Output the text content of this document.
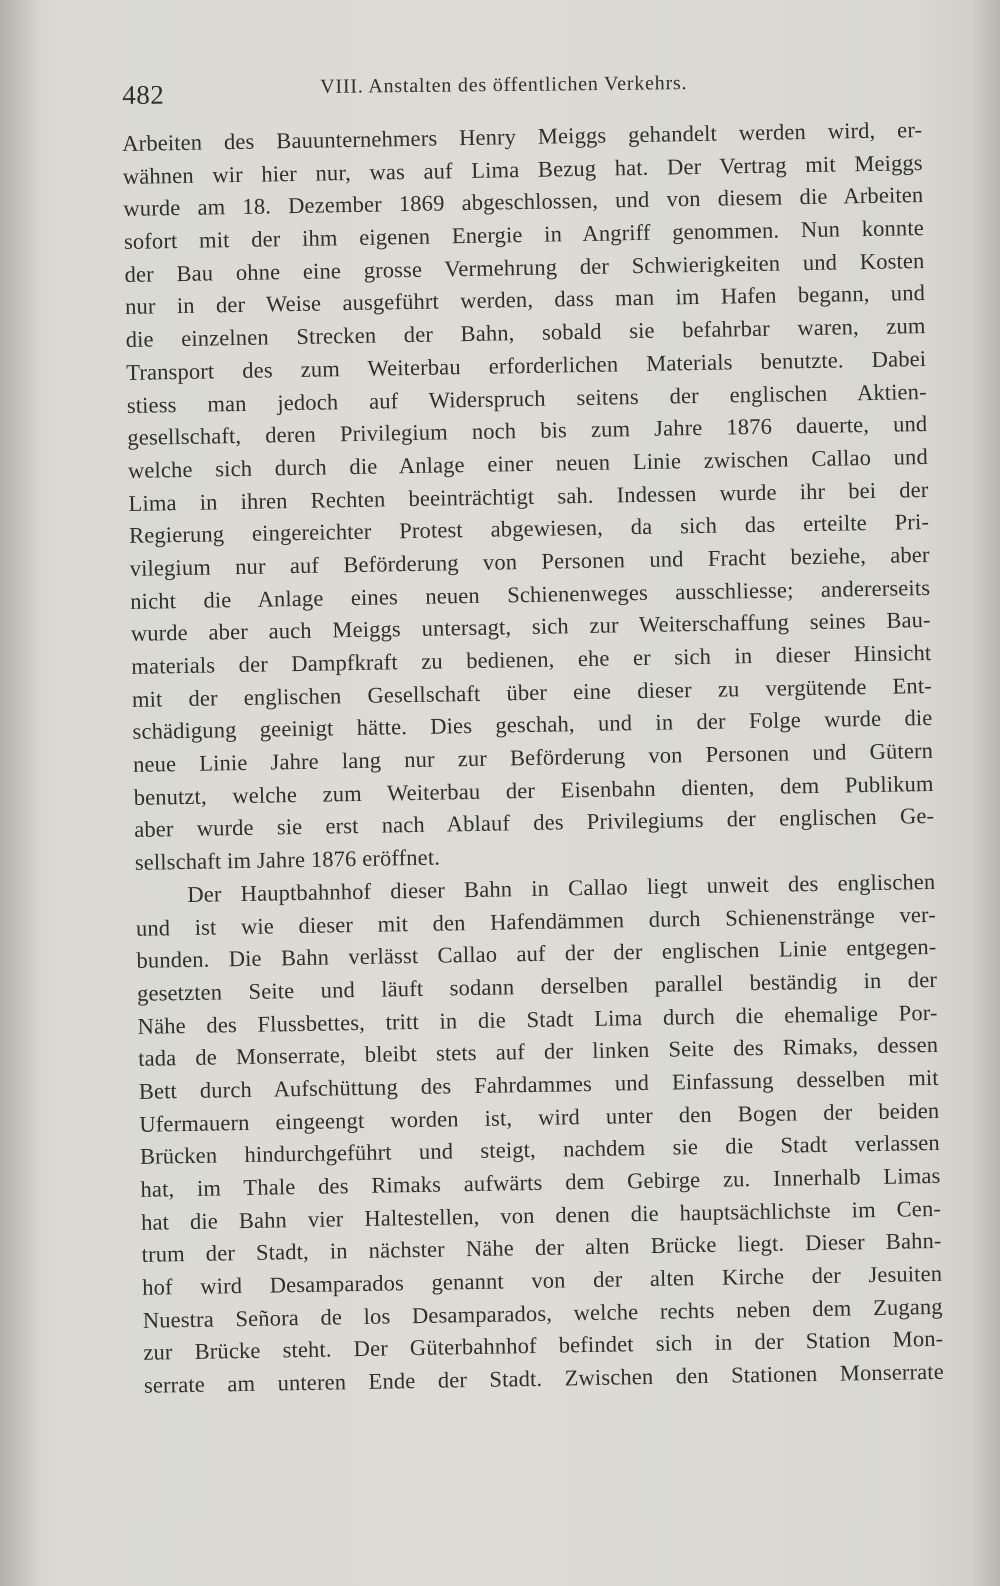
482	VIII. Anstalten des öffentlichen Verkehrs.

Arbeiten des Bauunternehmers Henry Meiggs gehandelt werden wird, er-
wähnen wir hier nur, was auf Lima Bezug hat. Der Vertrag mit Meiggs
wurde am 18. Dezember 1869 abgeschlossen, und von diesem die Arbeiten
sofort mit der ihm eigenen Energie in Angriff genommen. Nun konnte
der Bau ohne eine grosse Vermehrung der Schwierigkeiten und Kosten
nur in der Weise ausgeführt werden, dass man im Hafen begann, und
die einzelnen Strecken der Bahn, sobald sie befahrbar waren, zum
Transport des zum Weiterbau erforderlichen Materials benutzte. Dabei
stiess man jedoch auf Widerspruch seitens der englischen Aktien-
gesellschaft, deren Privilegium noch bis zum Jahre 1876 dauerte, und
welche sich durch die Anlage einer neuen Linie zwischen Callao und
Lima in ihren Rechten beeinträchtigt sah. Indessen wurde ihr bei der
Regierung eingereichter Protest abgewiesen, da sich das erteilte Pri-
vilegium nur auf Beförderung von Personen und Fracht beziehe, aber
nicht die Anlage eines neuen Schienenweges ausschliesse; andererseits
wurde aber auch Meiggs untersagt, sich zur Weiterschaffung seines Bau-
materials der Dampfkraft zu bedienen, ehe er sich in dieser Hinsicht
mit der englischen Gesellschaft über eine dieser zu vergütende Ent-
schädigung geeinigt hätte. Dies geschah, und in der Folge wurde die
neue Linie Jahre lang nur zur Beförderung von Personen und Gütern
benutzt, welche zum Weiterbau der Eisenbahn dienten, dem Publikum
aber wurde sie erst nach Ablauf des Privilegiums der englischen Ge-
sellschaft im Jahre 1876 eröffnet.

Der Hauptbahnhof dieser Bahn in Callao liegt unweit des englischen
und ist wie dieser mit den Hafendämmen durch Schienenstränge ver-
bunden. Die Bahn verlässt Callao auf der der englischen Linie entgegen-
gesetzten Seite und läuft sodann derselben parallel beständig in der
Nähe des Flussbettes, tritt in die Stadt Lima durch die ehemalige Por-
tada de Monserrate, bleibt stets auf der linken Seite des Rimaks, dessen
Bett durch Aufschüttung des Fahrdammes und Einfassung desselben mit
Ufermauern eingeengt worden ist, wird unter den Bogen der beiden
Brücken hindurchgeführt und steigt, nachdem sie die Stadt verlassen
hat, im Thale des Rimaks aufwärts dem Gebirge zu. Innerhalb Limas
hat die Bahn vier Haltestellen, von denen die hauptsächlichste im Cen-
trum der Stadt, in nächster Nähe der alten Brücke liegt. Dieser Bahn-
hof wird Desamparados genannt von der alten Kirche der Jesuiten
Nuestra Señora de los Desamparados, welche rechts neben dem Zugang
zur Brücke steht. Der Güterbahnhof befindet sich in der Station Mon-
serrate am unteren Ende der Stadt. Zwischen den Stationen Monserrate
